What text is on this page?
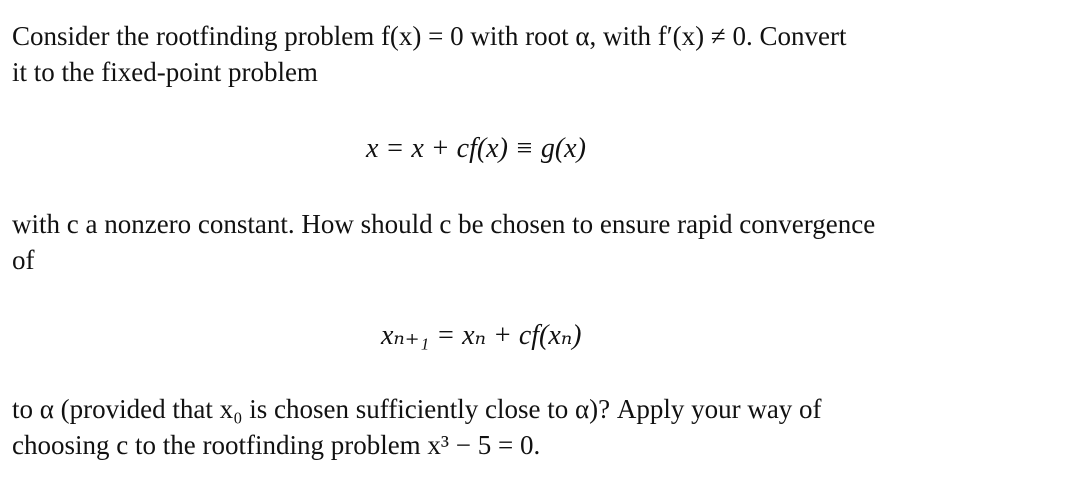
Consider the rootfinding problem f(x) = 0 with root α, with f′(x) ≠ 0. Convert
it to the fixed-point problem
x = x + cf(x) ≡ g(x)
with c a nonzero constant. How should c be chosen to ensure rapid convergence
of
xₙ₊₁ = xₙ + cf(xₙ)
to α (provided that x₀ is chosen sufficiently close to α)? Apply your way of
choosing c to the rootfinding problem x³ − 5 = 0.
